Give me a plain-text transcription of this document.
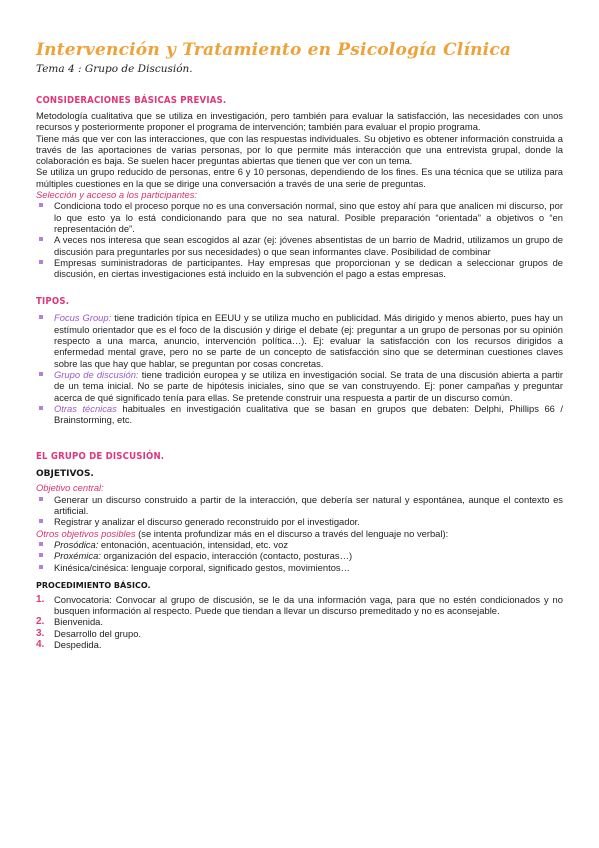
Intervención y Tratamiento en Psicología Clínica
Tema 4 : Grupo de Discusión.
CONSIDERACIONES BÁSICAS PREVIAS.

Metodología cualitativa que se utiliza en investigación, pero también para evaluar la satisfacción, las necesidades con unos recursos y posteriormente proponer el programa de intervención; también para evaluar el propio programa.

Tiene más que ver con las interacciones, que con las respuestas individuales. Su objetivo es obtener información construida a través de las aportaciones de varias personas, por lo que permite más interacción que una entrevista grupal, donde la colaboración es baja. Se suelen hacer preguntas abiertas que tienen que ver con un tema.

Se utiliza un grupo reducido de personas, entre 6 y 10 personas, dependiendo de los fines. Es una técnica que se utiliza para múltiples cuestiones en la que se dirige una conversación a través de una serie de preguntas.

Selección y acceso a los participantes:
Condiciona todo el proceso porque no es una conversación normal, sino que estoy ahí para que analicen mi discurso, por lo que esto ya lo está condicionando para que no sea natural. Posible preparación “orientada” a objetivos o “en representación de”.
A veces nos interesa que sean escogidos al azar (ej: jóvenes absentistas de un barrio de Madrid, utilizamos un grupo de discusión para preguntarles por sus necesidades) o que sean informantes clave. Posibilidad de combinar
Empresas suministradoras de participantes. Hay empresas que proporcionan y se dedican a seleccionar grupos de discusión, en ciertas investigaciones está incluido en la subvención el pago a estas empresas.
TIPOS.
Focus Group: tiene tradición típica en EEUU y se utiliza mucho en publicidad. Más dirigido y menos abierto, pues hay un estímulo orientador que es el foco de la discusión y dirige el debate (ej: preguntar a un grupo de personas por su opinión respecto a una marca, anuncio, intervención política…). Ej: evaluar la satisfacción con los recursos dirigidos a enfermedad mental grave, pero no se parte de un concepto de satisfacción sino que se determinan cuestiones claves sobre las que hay que hablar, se preguntan por cosas concretas.
Grupo de discusión: tiene tradición europea y se utiliza en investigación social. Se trata de una discusión abierta a partir de un tema inicial. No se parte de hipótesis iniciales, sino que se van construyendo. Ej: poner campañas y preguntar acerca de qué significado tenía para ellas. Se pretende construir una respuesta a partir de un discurso común.
Otras técnicas habituales en investigación cualitativa que se basan en grupos que debaten: Delphi, Phillips 66 / Brainstorming, etc.
EL GRUPO DE DISCUSIÓN.
OBJETIVOS.
Objetivo central:
Generar un discurso construido a partir de la interacción, que debería ser natural y espontánea, aunque el contexto es artificial.
Registrar y analizar el discurso generado reconstruido por el investigador.
Otros objetivos posibles (se intenta profundizar más en el discurso a través del lenguaje no verbal):
Prosódica: entonación, acentuación, intensidad, etc. voz
Proxémica: organización del espacio, interacción (contacto, posturas…)
Kinésica/cinésica: lenguaje corporal, significado gestos, movimientos…
PROCEDIMIENTO BÁSICO.
1. Convocatoria: Convocar al grupo de discusión, se le da una información vaga, para que no estén condicionados y no busquen información al respecto. Puede que tiendan a llevar un discurso premeditado y no es aconsejable.
2. Bienvenida.
3. Desarrollo del grupo.
4. Despedida.
